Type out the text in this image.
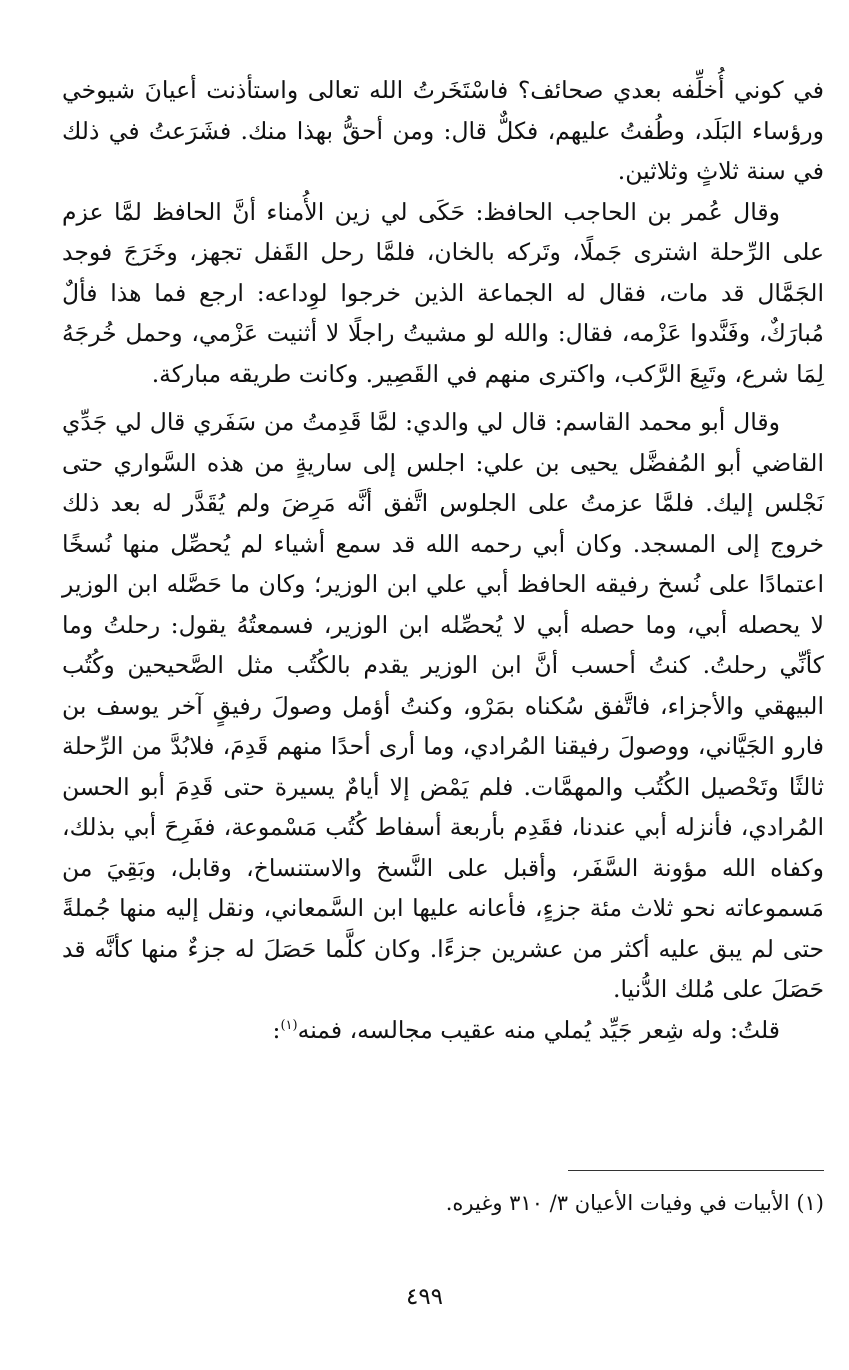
في كوني أُخلِّفه بعدي صحائف؟ فاسْتَخَرتُ الله تعالى واستأذنت أعيانَ شيوخي ورؤساء البَلَد، وطُفتُ عليهم، فكلٌّ قال: ومن أحقُّ بهذا منك. فشَرَعتُ في ذلك في سنة ثلاثٍ وثلاثين.

وقال عُمر بن الحاجب الحافظ: حَكَى لي زين الأُمناء أنَّ الحافظ لمَّا عزم على الرِّحلة اشترى جَملًا، وتَركه بالخان، فلمَّا رحل القَفل تجهز، وخَرَجَ فوجد الجَمَّال قد مات، فقال له الجماعة الذين خرجوا لوِداعه: ارجع فما هذا فألٌ مُبارَكٌ، وفَنَّدوا عَزْمه، فقال: والله لو مشيتُ راجلًا لا أثنيت عَزْمي، وحمل خُرجَهُ لِمَا شرع، وتَبِعَ الرَّكب، واكترى منهم في القَصِير. وكانت طريقه مباركة.

وقال أبو محمد القاسم: قال لي والدي: لمَّا قَدِمتُ من سَفَري قال لي جَدِّي القاضي أبو المُفضَّل يحيى بن علي: اجلس إلى ساريةٍ من هذه السَّواري حتى نَجْلس إليك. فلمَّا عزمتُ على الجلوس اتَّفق أنَّه مَرِضَ ولم يُقَدَّر له بعد ذلك خروج إلى المسجد. وكان أبي رحمه الله قد سمع أشياء لم يُحصِّل منها نُسخًا اعتمادًا على نُسخ رفيقه الحافظ أبي علي ابن الوزير؛ وكان ما حَصَّله ابن الوزير لا يحصله أبي، وما حصله أبي لا يُحصِّله ابن الوزير، فسمعتُهُ يقول: رحلتُ وما كأنِّي رحلتُ. كنتُ أحسب أنَّ ابن الوزير يقدم بالكُتُب مثل الصَّحيحين وكُتُب البيهقي والأجزاء، فاتَّفق سُكناه بمَرْو، وكنتُ أؤمل وصولَ رفيقٍ آخر يوسف بن فارو الجَيَّاني، ووصولَ رفيقنا المُرادي، وما أرى أحدًا منهم قَدِمَ، فلابُدَّ من الرِّحلة ثالثًا وتَحْصيل الكُتُب والمهمَّات. فلم يَمْض إلا أيامٌ يسيرة حتى قَدِمَ أبو الحسن المُرادي، فأنزله أبي عندنا، فقَدِم بأربعة أسفاط كُتُب مَسْموعة، ففَرِحَ أبي بذلك، وكفاه الله مؤونة السَّفَر، وأقبل على النَّسخ والاستنساخ، وقابل، وبَقِيَ من مَسموعاته نحو ثلاث مئة جزءٍ، فأعانه عليها ابن السَّمعاني، ونقل إليه منها جُملةً حتى لم يبق عليه أكثر من عشرين جزءًا. وكان كلَّما حَصَلَ له جزءٌ منها كأنَّه قد حَصَلَ على مُلك الدُّنيا.

قلتُ: وله شِعر جَيِّد يُملي منه عقيب مجالسه، فمنه$^{(١)}$:

(١) الأبيات في وفيات الأعيان ٣/ ٣١٠ وغيره.
٤٩٩
